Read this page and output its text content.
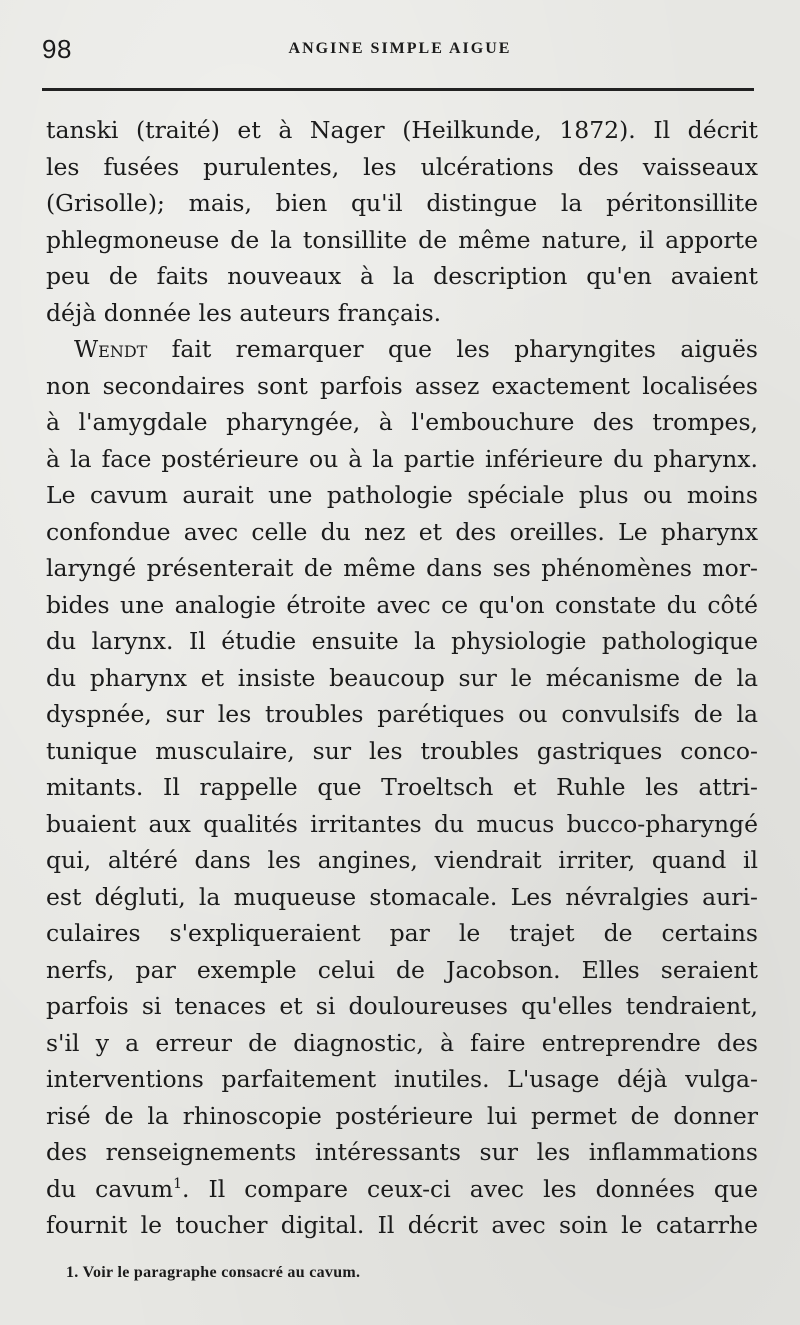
98	ANGINE SIMPLE AIGUE
tanski (traité) et à Nager (Heilkunde, 1872). Il décrit
les fusées purulentes, les ulcérations des vaisseaux
(Grisolle); mais, bien qu'il distingue la péritonsillite
phlegmoneuse de la tonsillite de même nature, il apporte
peu de faits nouveaux à la description qu'en avaient
déjà donnée les auteurs français.
Wendt fait remarquer que les pharyngites aiguës
non secondaires sont parfois assez exactement localisées
à l'amygdale pharyngée, à l'embouchure des trompes,
à la face postérieure ou à la partie inférieure du pharynx.
Le cavum aurait une pathologie spéciale plus ou moins
confondue avec celle du nez et des oreilles. Le pharynx
laryngé présenterait de même dans ses phénomènes mor-
bides une analogie étroite avec ce qu'on constate du côté
du larynx. Il étudie ensuite la physiologie pathologique
du pharynx et insiste beaucoup sur le mécanisme de la
dyspnée, sur les troubles parétiques ou convulsifs de la
tunique musculaire, sur les troubles gastriques conco-
mitants. Il rappelle que Troeltsch et Ruhle les attri-
buaient aux qualités irritantes du mucus bucco-pharyngé
qui, altéré dans les angines, viendrait irriter, quand il
est dégluti, la muqueuse stomacale. Les névralgies auri-
culaires s'expliqueraient par le trajet de certains
nerfs, par exemple celui de Jacobson. Elles seraient
parfois si tenaces et si douloureuses qu'elles tendraient,
s'il y a erreur de diagnostic, à faire entreprendre des
interventions parfaitement inutiles. L'usage déjà vulga-
risé de la rhinoscopie postérieure lui permet de donner
des renseignements intéressants sur les inflammations
du cavum$^1$. Il compare ceux-ci avec les données que
fournit le toucher digital. Il décrit avec soin le catarrhe
1. Voir le paragraphe consacré au cavum.
